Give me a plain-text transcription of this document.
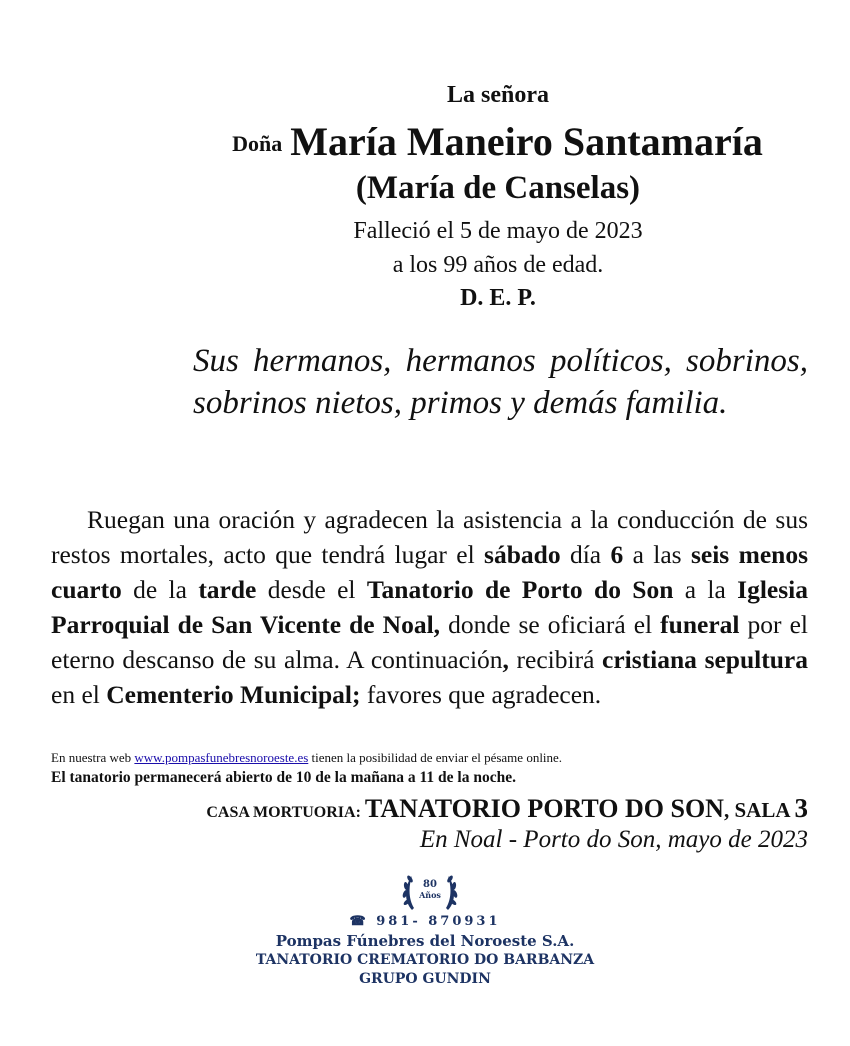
La señora
Doña María Maneiro Santamaría
(María de Canselas)
Falleció el 5 de mayo de 2023
a los 99 años de edad.
D. E. P.
Sus hermanos, hermanos políticos, sobrinos, sobrinos nietos, primos y demás familia.
Ruegan una oración y agradecen la asistencia a la conducción de sus restos mortales, acto que tendrá lugar el sábado día 6 a las seis menos cuarto de la tarde desde el Tanatorio de Porto do Son a la Iglesia Parroquial de San Vicente de Noal, donde se oficiará el funeral por el eterno descanso de su alma. A continuación, recibirá cristiana sepultura en el Cementerio Municipal; favores que agradecen.
En nuestra web www.pompasfunebresnoroeste.es tienen la posibilidad de enviar el pésame online.
El tanatorio permanecerá abierto de 10 de la mañana a 11 de la noche.
CASA MORTUORIA: TANATORIO PORTO DO SON, SALA 3
En Noal - Porto do Son, mayo de 2023
80
Años
☎ 981- 870931
Pompas Fúnebres del Noroeste S.A.
TANATORIO CREMATORIO DO BARBANZA
GRUPO GUNDIN
